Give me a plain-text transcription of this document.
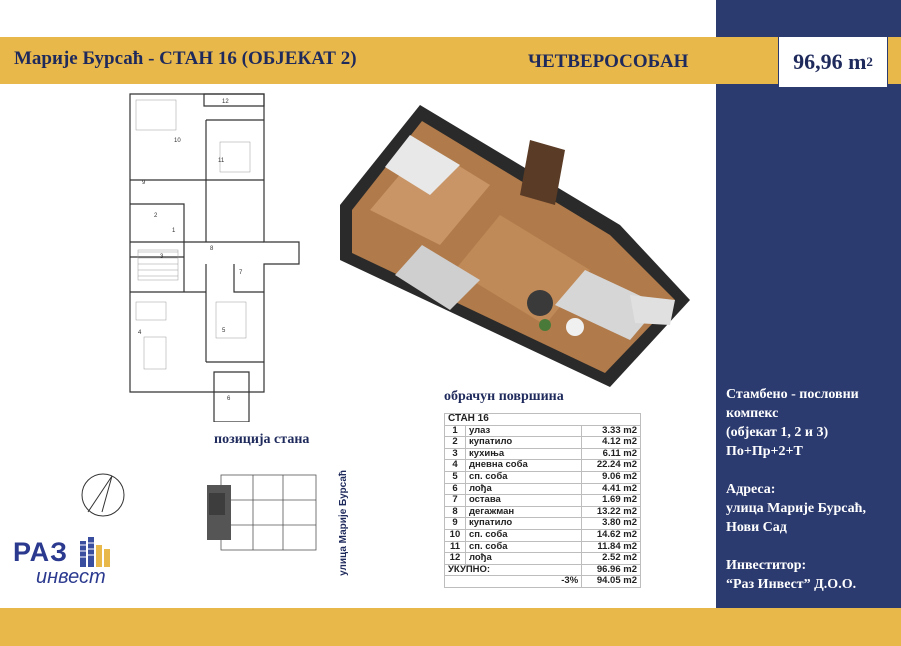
Марије Бурсаћ - СТАН 16 (ОБЈЕКАТ 2)	ЧЕТВЕРОСОБАН	96,96 m 2
12
10
11
9
2
1
8
3
7
4	5
6	обрачун површина
СТАН 16		
1	улаз	3.33 m2
2	купатило	4.12 m2
3	кухиња	6.11 m2
4	дневна соба	22.24 m2
5	сп. соба	9.06 m2
6	лођа	4.41 m2
7	остава	1.69 m2
8	дегажман	13.22 m2
9	купатило	3.80 m2
10	сп. соба	14.62 m2
11	сп. соба	11.84 m2
12	лођа	2.52 m2
УКУПНО:		96.96 m2
-3%		94.05 m2
позиција стана
улица Марије Бурсаћ
РАЗ
инвест

Стамбено - пословни

компекс

(објекат 1, 2 и 3)

По+Пр+2+Т

Адреса:

улица Марије Бурсаћ,

Нови Сад

Инвеститор:

“Раз Инвест” Д.О.О.
